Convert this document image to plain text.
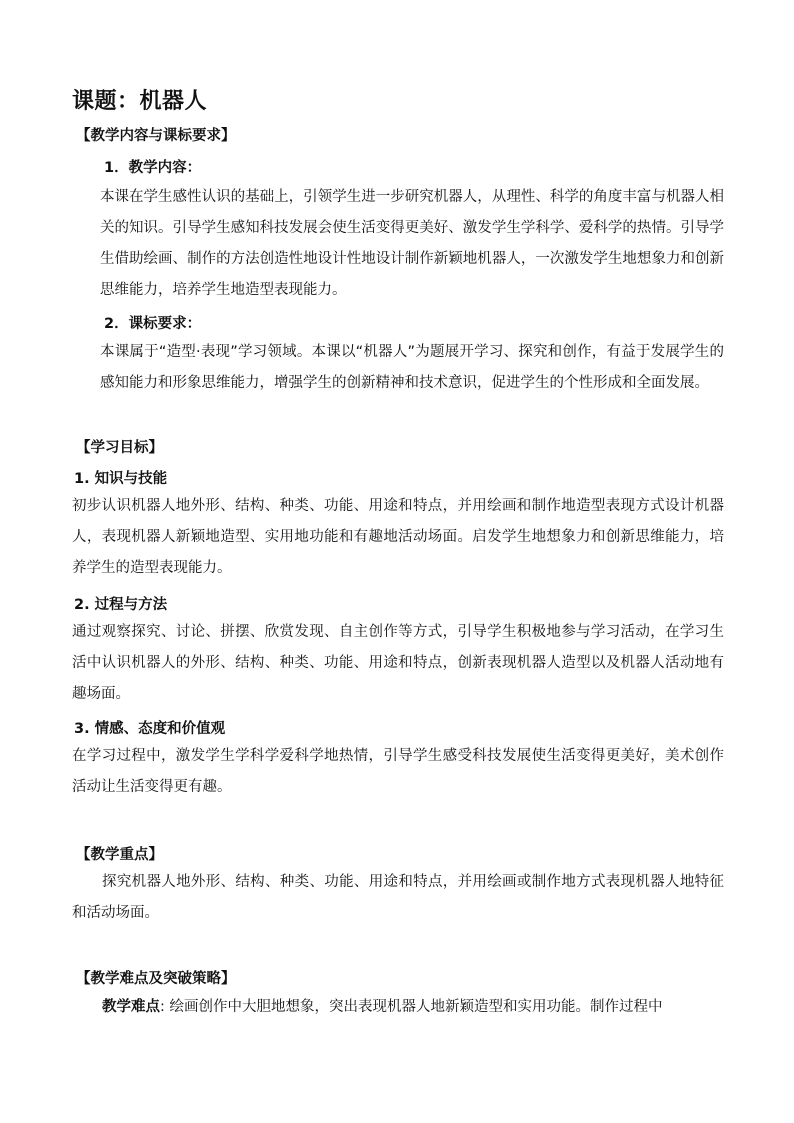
课题：机器人
【教学内容与课标要求】
1．教学内容：

本课在学生感性认识的基础上，引领学生进一步研究机器人，从理性、科学的角度丰富与机器人相关的知识。引导学生感知科技发展会使生活变得更美好、激发学生学科学、爱科学的热情。引导学生借助绘画、制作的方法创造性地设计性地设计制作新颖地机器人，一次激发学生地想象力和创新思维能力，培养学生地造型表现能力。

2．课标要求：

本课属于“造型·表现”学习领域。本课以“机器人”为题展开学习、探究和创作，有益于发展学生的感知能力和形象思维能力，增强学生的创新精神和技术意识，促进学生的个性形成和全面发展。

【学习目标】
1. 知识与技能

初步认识机器人地外形、结构、种类、功能、用途和特点，并用绘画和制作地造型表现方式设计机器人，表现机器人新颖地造型、实用地功能和有趣地活动场面。启发学生地想象力和创新思维能力，培养学生的造型表现能力。

2. 过程与方法

通过观察探究、讨论、拼摆、欣赏发现、自主创作等方式，引导学生积极地参与学习活动，在学习生活中认识机器人的外形、结构、种类、功能、用途和特点，创新表现机器人造型以及机器人活动地有趣场面。

3. 情感、态度和价值观

在学习过程中，激发学生学科学爱科学地热情，引导学生感受科技发展使生活变得更美好，美术创作活动让生活变得更有趣。

【教学重点】

探究机器人地外形、结构、种类、功能、用途和特点，并用绘画或制作地方式表现机器人地特征和活动场面。

【教学难点及突破策略】

教学难点: 绘画创作中大胆地想象，突出表现机器人地新颖造型和实用功能。制作过程中
